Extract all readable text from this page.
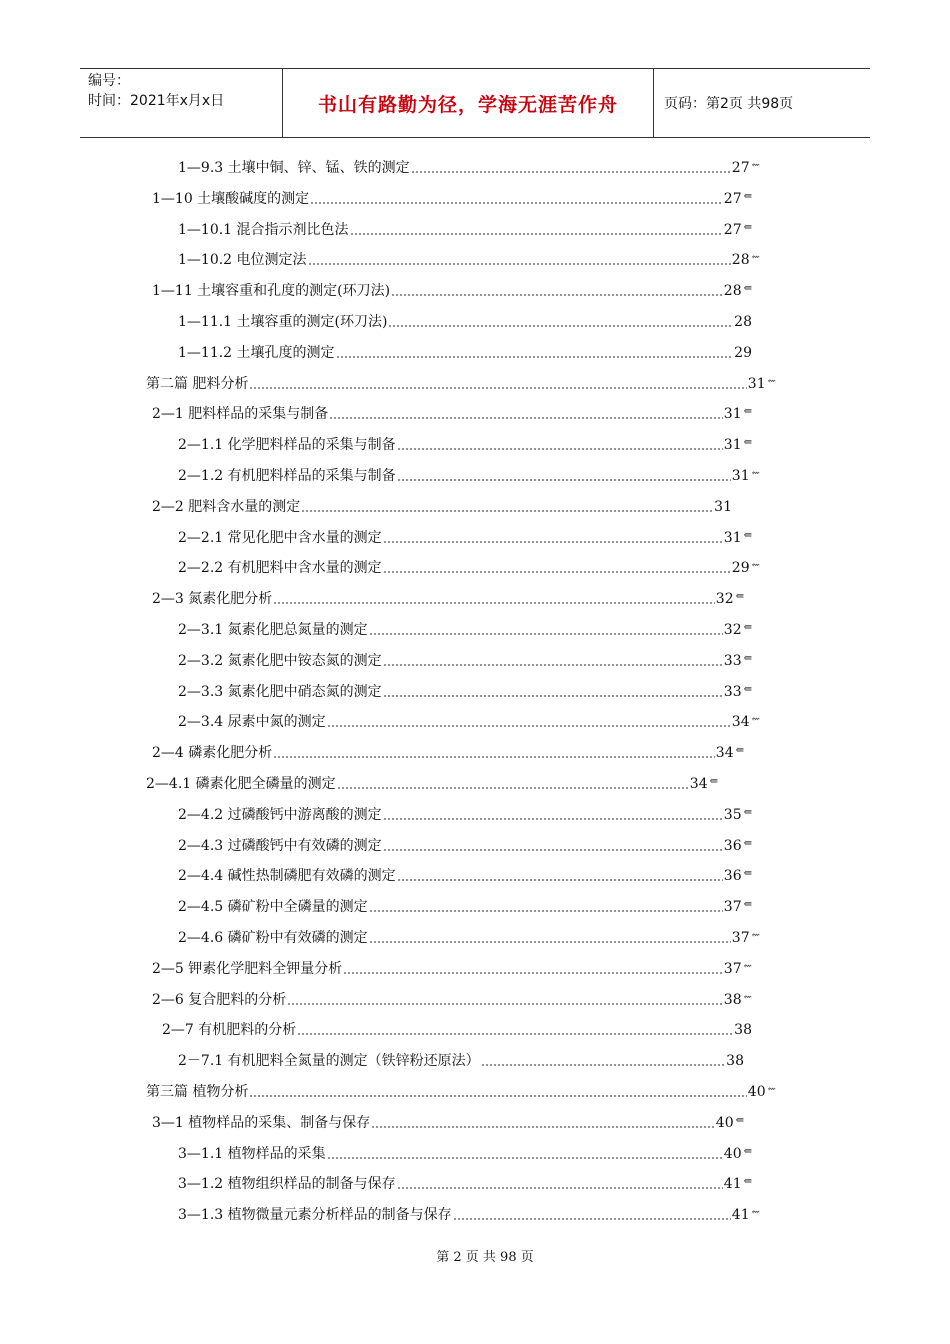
编号：
时间：2021年x月x日	书山有路勤为径，学海无涯苦作舟	页码：第2页 共98页
1—9.3 土壤中铜、锌、锰、铁的测定	27 ⇜
1—10 土壤酸碱度的测定	27 ⇚
1—10.1 混合指示剂比色法	27 ⇚
1—10.2 电位测定法	28 ⇜
1—11 土壤容重和孔度的测定(环刀法)	28 ⇚
1—11.1 土壤容重的测定(环刀法)	28
1—11.2 土壤孔度的测定	29
第二篇 肥料分析	31 ⇜
2—1 肥料样品的采集与制备	31 ⇚
2—1.1 化学肥料样品的采集与制备	31 ⇚
2—1.2 有机肥料样品的采集与制备	31 ⇜
2—2 肥料含水量的测定	31
2—2.1 常见化肥中含水量的测定	31 ⇚
2—2.2 有机肥料中含水量的测定	29 ⇜
2—3 氮素化肥分析	32 ⇚
2—3.1 氮素化肥总氮量的测定	32 ⇚
2—3.2 氮素化肥中铵态氮的测定	33 ⇚
2—3.3 氮素化肥中硝态氮的测定	33 ⇚
2—3.4 尿素中氮的测定	34 ⇜
2—4 磷素化肥分析	34 ⇚
2—4.1 磷素化肥全磷量的测定	34 ⇚
2—4.2 过磷酸钙中游离酸的测定	35 ⇚
2—4.3 过磷酸钙中有效磷的测定	36 ⇚
2—4.4 碱性热制磷肥有效磷的测定	36 ⇚
2—4.5 磷矿粉中全磷量的测定	37 ⇚
2—4.6 磷矿粉中有效磷的测定	37 ⇜
2—5 钾素化学肥料全钾量分析	37 ⇜
2—6 复合肥料的分析	38 ⇜
2—7 有机肥料的分析	38
2－7.1 有机肥料全氮量的测定（铁锌粉还原法）	38
第三篇 植物分析	40 ⇜
3—1 植物样品的采集、制备与保存	40 ⇚
3—1.1 植物样品的采集	40 ⇚
3—1.2 植物组织样品的制备与保存	41 ⇚
3—1.3 植物微量元素分析样品的制备与保存	41 ⇜
第 2 页 共 98 页
